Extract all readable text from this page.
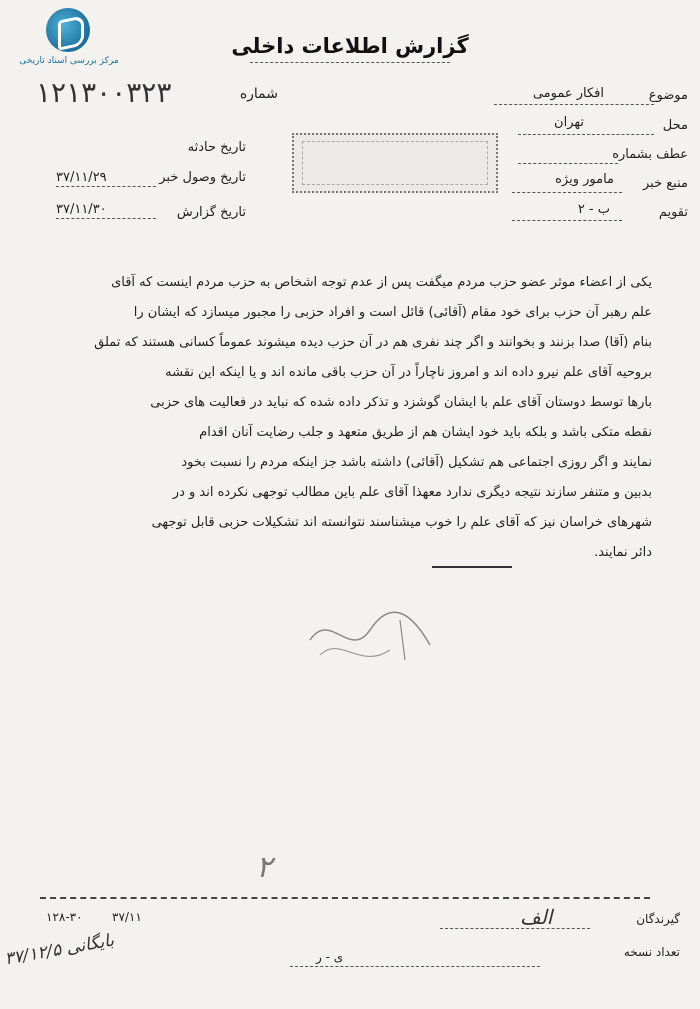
مرکز بررسی اسناد تاریخی
گزارش اطلاعات داخلی
شماره
۱۲۱۳۰۰۳۲۳	موضوع
افکار عمومی
محل
تهران
عطف بشماره
منبع خبر
مامور ویژه
تقویم
ب - ۲
تاریخ حادثه
تاریخ وصول خبر
۳۷/۱۱/۲۹
تاریخ گزارش
۳۷/۱۱/۳۰

یکی از اعضاء موثر عضو حزب مردم میگفت پس از عدم توجه اشخاص به حزب مردم اینست که آقای

علم رهبر آن حزب برای خود مقام (آقائی) قائل است و افراد حزبی را مجبور میسازد که ایشان را

بنام (آقا) صدا بزنند و بخوانند و اگر چند نفری هم در آن حزب دیده میشوند عموماً کسانی هستند که تملق

بروحیه آقای علم نیرو داده اند و امروز ناچاراً در آن حزب باقی مانده اند و یا اینکه این نقشه

بارها توسط دوستان آقای علم با ایشان گوشزد و تذکر داده شده که نباید در فعالیت های حزبی

نقطه متکی باشد و بلکه باید خود ایشان هم از طریق متعهد و جلب رضایت آنان اقدام

نمایند و اگر روزی اجتماعی هم تشکیل (آقائی) داشته باشد جز اینکه مردم را نسبت بخود

بدبین و متنفر سازند نتیجه دیگری ندارد معهذا آقای علم باین مطالب توجهی نکرده اند و در

شهرهای خراسان نیز که آقای علم را خوب میشناسند نتوانسته اند تشکیلات حزبی قابل توجهی

دائر نمایند.

۲
گیرندگان
الف
تعداد نسخه
ی - ر
۱۲۸-۳۰ ۳۷/۱۱
۳۷/۱۲/۵ بایگانی
